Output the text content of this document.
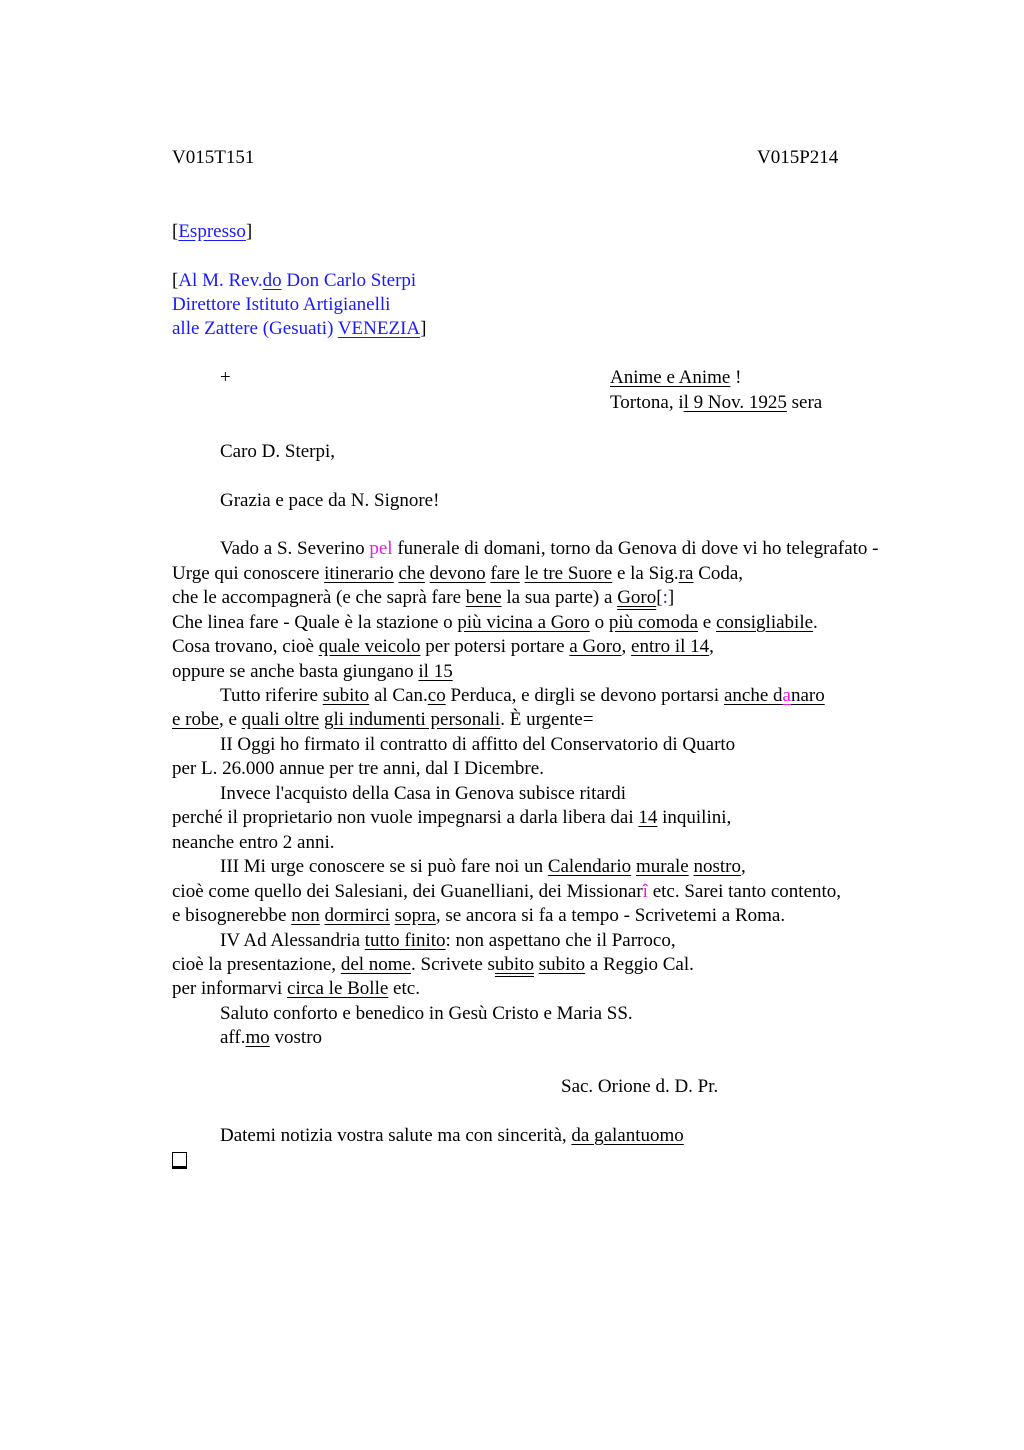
V015T151	V015P214
[Espresso]
[Al M. Rev.do Don Carlo Sterpi
Direttore Istituto Artigianelli
alle Zattere (Gesuati) VENEZIA]
+	Anime e Anime !
Tortona, il 9 Nov. 1925 sera
Caro D. Sterpi,
Grazia e pace da N. Signore!
Vado a S. Severino pel funerale di domani, torno da Genova di dove vi ho telegrafato -
Urge qui conoscere itinerario che devono fare le tre Suore e la Sig.ra Coda,
che le accompagnerà (e che saprà fare bene la sua parte) a Goro[:]
Che linea fare - Quale è la stazione o più vicina a Goro o più comoda e consigliabile.
Cosa trovano, cioè quale veicolo per potersi portare a Goro, entro il 14,
oppure se anche basta giungano il 15
Tutto riferire subito al Can.co Perduca, e dirgli se devono portarsi anche danaro
e robe, e quali oltre gli indumenti personali. È urgente=
II Oggi ho firmato il contratto di affitto del Conservatorio di Quarto
per L. 26.000 annue per tre anni, dal I Dicembre.
Invece l'acquisto della Casa in Genova subisce ritardi
perché il proprietario non vuole impegnarsi a darla libera dai 14 inquilini,
neanche entro 2 anni.
III Mi urge conoscere se si può fare noi un Calendario murale nostro,
cioè come quello dei Salesiani, dei Guanelliani, dei Missionarî etc. Sarei tanto contento,
e bisognerebbe non dormirci sopra, se ancora si fa a tempo - Scrivetemi a Roma.
IV Ad Alessandria tutto finito: non aspettano che il Parroco,
cioè la presentazione, del nome. Scrivete subito subito a Reggio Cal.
per informarvi circa le Bolle etc.
Saluto conforto e benedico in Gesù Cristo e Maria SS.
aff.mo vostro
Sac. Orione d. D. Pr.
Datemi notizia vostra salute ma con sincerità, da galantuomo
